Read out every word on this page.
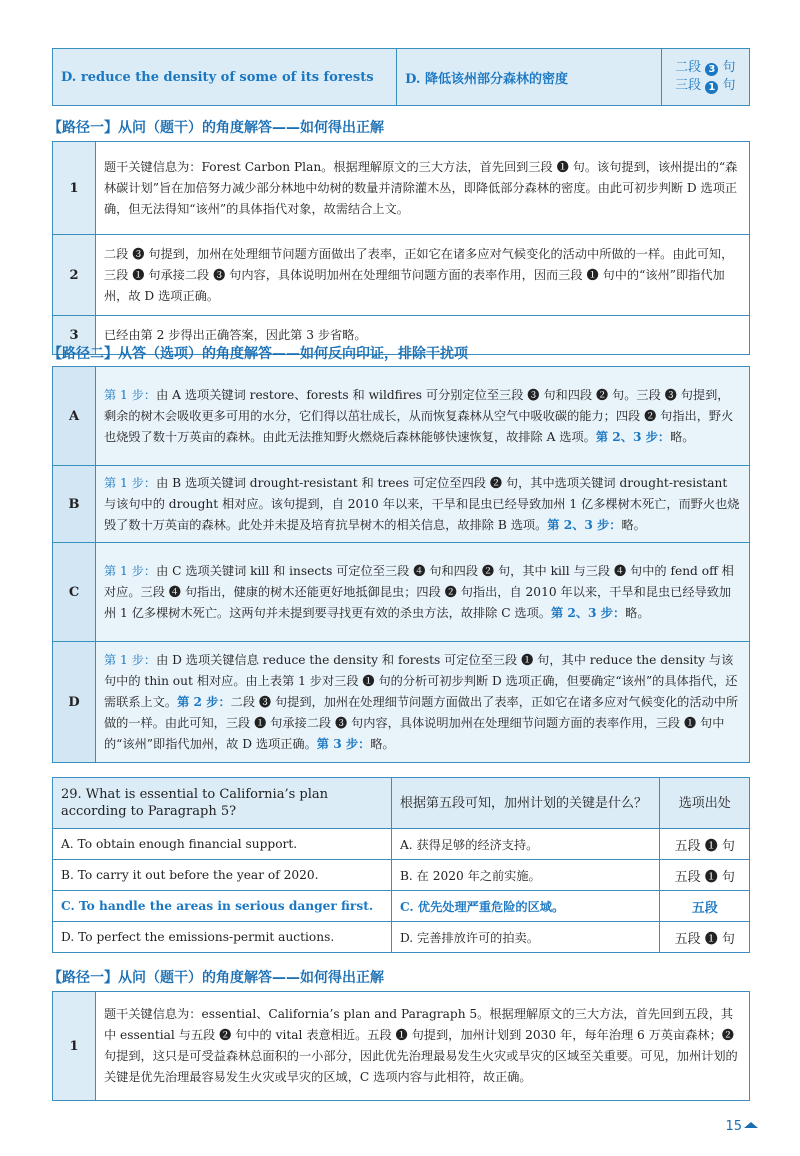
D. reduce the density of some of its forests	D. 降低该州部分森林的密度	二段 3 句
三段 1 句
【路径一】从问（题干）的角度解答——如何得出正解
1	题干关键信息为：Forest Carbon Plan。根据理解原文的三大方法，首先回到三段 ❶ 句。该句提到，该州提出的“森林碳计划”旨在加倍努力减少部分林地中幼树的数量并清除灌木丛，即降低部分森林的密度。由此可初步判断 D 选项正确，但无法得知“该州”的具体指代对象，故需结合上文。
2	二段 ❸ 句提到，加州在处理细节问题方面做出了表率，正如它在诸多应对气候变化的活动中所做的一样。由此可知，三段 ❶ 句承接二段 ❸ 句内容，具体说明加州在处理细节问题方面的表率作用，因而三段 ❶ 句中的“该州”即指代加州，故 D 选项正确。
3	已经由第 2 步得出正确答案，因此第 3 步省略。
【路径二】从答（选项）的角度解答——如何反向印证，排除干扰项
A	第 1 步：由 A 选项关键词 restore、forests 和 wildfires 可分别定位至三段 ❸ 句和四段 ❷ 句。三段 ❸ 句提到，剩余的树木会吸收更多可用的水分，它们得以茁壮成长，从而恢复森林从空气中吸收碳的能力；四段 ❷ 句指出，野火也烧毁了数十万英亩的森林。由此无法推知野火燃烧后森林能够快速恢复，故排除 A 选项。第 2、3 步：略。
B	第 1 步：由 B 选项关键词 drought-resistant 和 trees 可定位至四段 ❷ 句，其中选项关键词 drought-resistant 与该句中的 drought 相对应。该句提到，自 2010 年以来，干旱和昆虫已经导致加州 1 亿多棵树木死亡，而野火也烧毁了数十万英亩的森林。此处并未提及培育抗旱树木的相关信息，故排除 B 选项。第 2、3 步：略。
C	第 1 步：由 C 选项关键词 kill 和 insects 可定位至三段 ❹ 句和四段 ❷ 句，其中 kill 与三段 ❹ 句中的 fend off 相对应。三段 ❹ 句指出，健康的树木还能更好地抵御昆虫；四段 ❷ 句指出，自 2010 年以来，干旱和昆虫已经导致加州 1 亿多棵树木死亡。这两句并未提到要寻找更有效的杀虫方法，故排除 C 选项。第 2、3 步：略。
D	第 1 步：由 D 选项关键信息 reduce the density 和 forests 可定位至三段 ❶ 句，其中 reduce the density 与该句中的 thin out 相对应。由上表第 1 步对三段 ❶ 句的分析可初步判断 D 选项正确，但要确定“该州”的具体指代，还需联系上文。第 2 步：二段 ❸ 句提到，加州在处理细节问题方面做出了表率，正如它在诸多应对气候变化的活动中所做的一样。由此可知，三段 ❶ 句承接二段 ❸ 句内容，具体说明加州在处理细节问题方面的表率作用，三段 ❶ 句中的“该州”即指代加州，故 D 选项正确。第 3 步：略。
29. What is essential to California’s plan according to Paragraph 5?	根据第五段可知，加州计划的关键是什么？	选项出处
A. To obtain enough financial support.	A. 获得足够的经济支持。	五段 ❶ 句
B. To carry it out before the year of 2020.	B. 在 2020 年之前实施。	五段 ❶ 句
C. To handle the areas in serious danger first.	C. 优先处理严重危险的区域。	五段
D. To perfect the emissions-permit auctions.	D. 完善排放许可的拍卖。	五段 ❶ 句
【路径一】从问（题干）的角度解答——如何得出正解
1	题干关键信息为：essential、California’s plan and Paragraph 5。根据理解原文的三大方法，首先回到五段，其中 essential 与五段 ❷ 句中的 vital 表意相近。五段 ❶ 句提到，加州计划到 2030 年，每年治理 6 万英亩森林；❷ 句提到，这只是可受益森林总面积的一小部分，因此优先治理最易发生火灾或旱灾的区域至关重要。可见，加州计划的关键是优先治理最容易发生火灾或旱灾的区域，C 选项内容与此相符，故正确。
15
